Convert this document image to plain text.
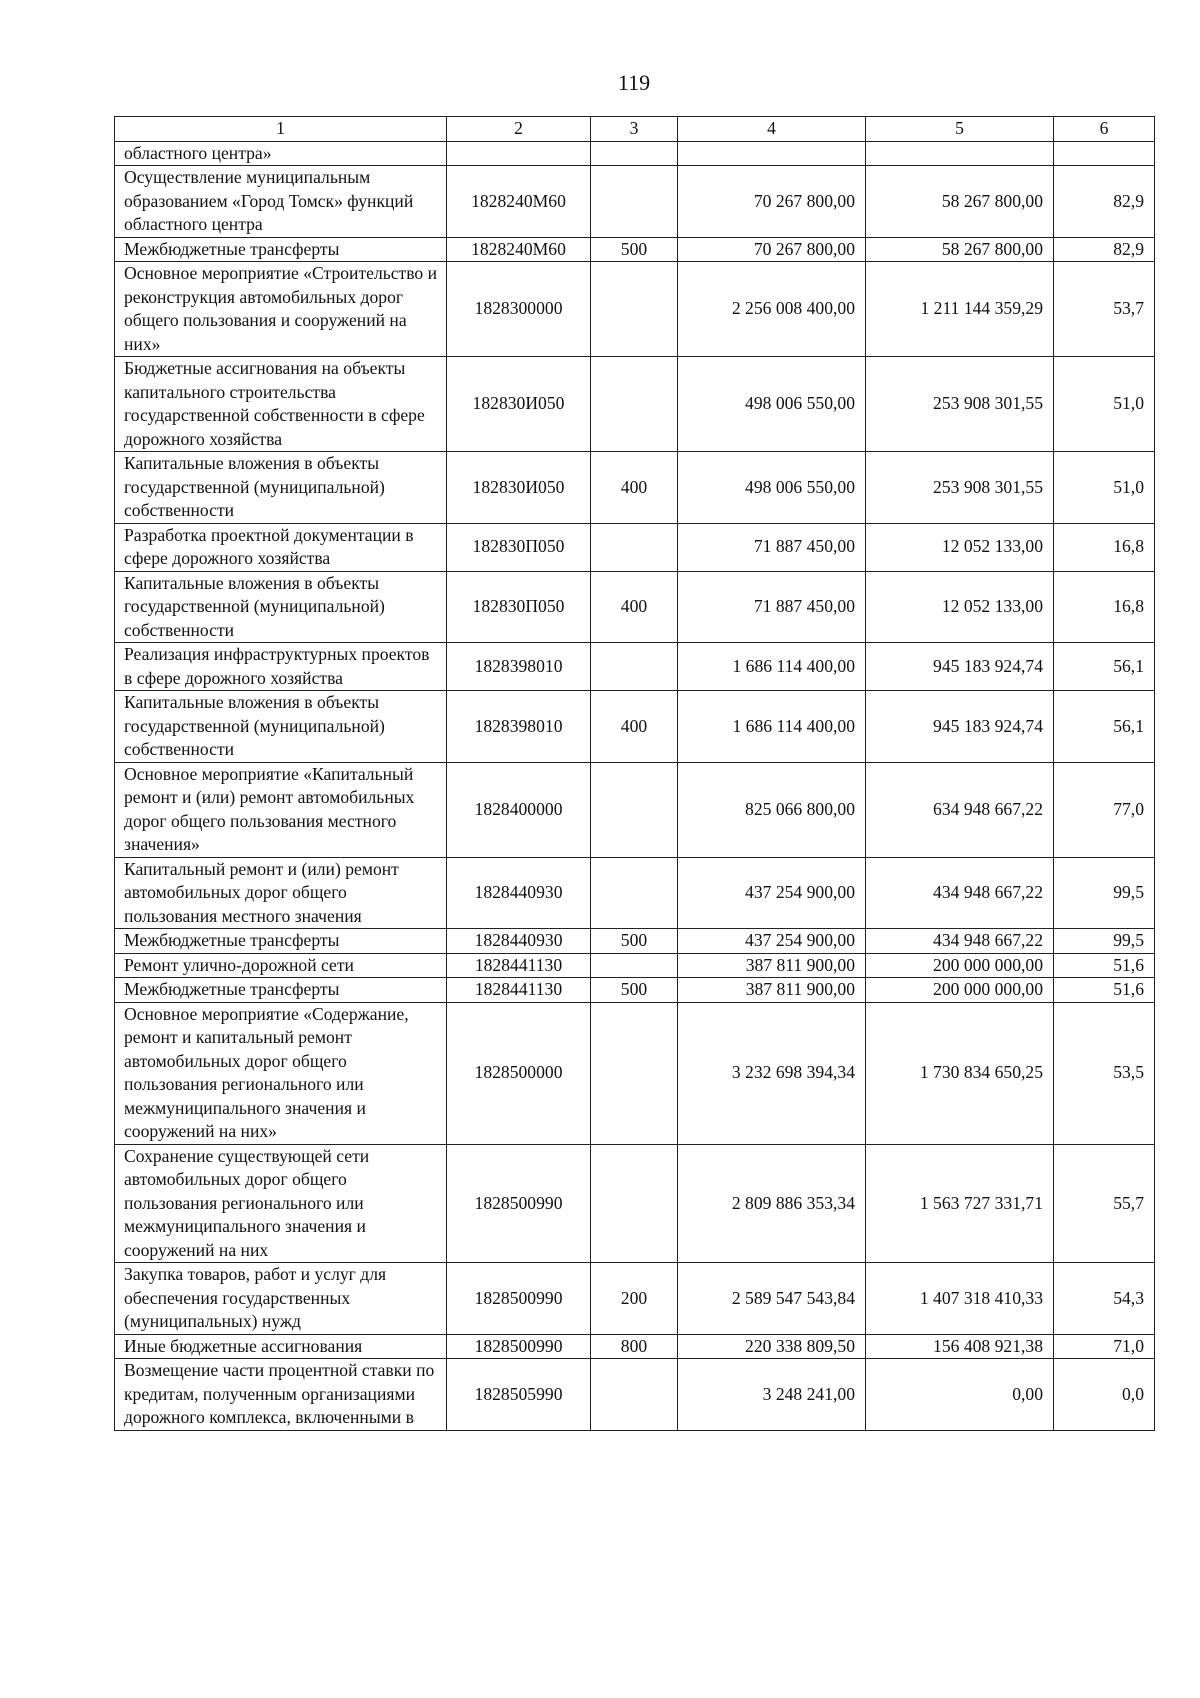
119
1	2	3	4	5	6
областного центра»					
Осуществление муниципальным образованием «Город Томск» функций областного центра	1828240М60		70 267 800,00	58 267 800,00	82,9
Межбюджетные трансферты	1828240М60	500	70 267 800,00	58 267 800,00	82,9
Основное мероприятие «Строительство и реконструкция автомобильных дорог общего пользования и сооружений на них»	1828300000		2 256 008 400,00	1 211 144 359,29	53,7
Бюджетные ассигнования на объекты капитального строительства государственной собственности в сфере дорожного хозяйства	182830И050		498 006 550,00	253 908 301,55	51,0
Капитальные вложения в объекты государственной (муниципальной) собственности	182830И050	400	498 006 550,00	253 908 301,55	51,0
Разработка проектной документации в сфере дорожного хозяйства	182830П050		71 887 450,00	12 052 133,00	16,8
Капитальные вложения в объекты государственной (муниципальной) собственности	182830П050	400	71 887 450,00	12 052 133,00	16,8
Реализация инфраструктурных проектов в сфере дорожного хозяйства	1828398010		1 686 114 400,00	945 183 924,74	56,1
Капитальные вложения в объекты государственной (муниципальной) собственности	1828398010	400	1 686 114 400,00	945 183 924,74	56,1
Основное мероприятие «Капитальный ремонт и (или) ремонт автомобильных дорог общего пользования местного значения»	1828400000		825 066 800,00	634 948 667,22	77,0
Капитальный ремонт и (или) ремонт автомобильных дорог общего пользования местного значения	1828440930		437 254 900,00	434 948 667,22	99,5
Межбюджетные трансферты	1828440930	500	437 254 900,00	434 948 667,22	99,5
Ремонт улично-дорожной сети	1828441130		387 811 900,00	200 000 000,00	51,6
Межбюджетные трансферты	1828441130	500	387 811 900,00	200 000 000,00	51,6
Основное мероприятие «Содержание, ремонт и капитальный ремонт автомобильных дорог общего пользования регионального или межмуниципального значения и сооружений на них»	1828500000		3 232 698 394,34	1 730 834 650,25	53,5
Сохранение существующей сети автомобильных дорог общего пользования регионального или межмуниципального значения и сооружений на них	1828500990		2 809 886 353,34	1 563 727 331,71	55,7
Закупка товаров, работ и услуг для обеспечения государственных (муниципальных) нужд	1828500990	200	2 589 547 543,84	1 407 318 410,33	54,3
Иные бюджетные ассигнования	1828500990	800	220 338 809,50	156 408 921,38	71,0
Возмещение части процентной ставки по кредитам, полученным организациями дорожного комплекса, включенными в	1828505990		3 248 241,00	0,00	0,0
